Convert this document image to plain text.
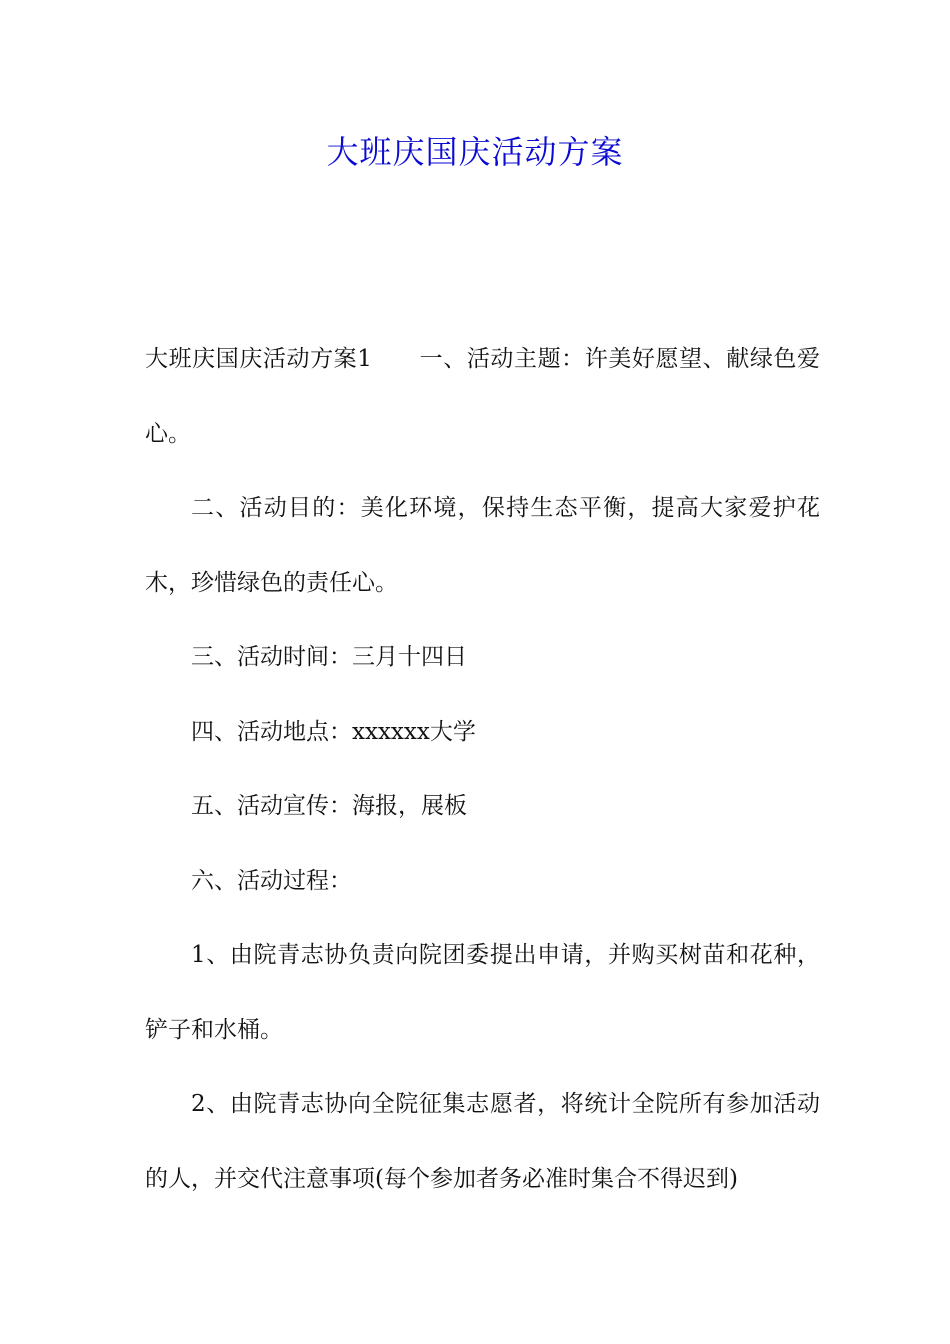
大班庆国庆活动方案

大班庆国庆活动方案1　　一、活动主题：许美好愿望、献绿色爱心。

二、活动目的：美化环境，保持生态平衡，提高大家爱护花木，珍惜绿色的责任心。

三、活动时间：三月十四日

四、活动地点：xxxxxx大学

五、活动宣传：海报，展板

六、活动过程：

1、由院青志协负责向院团委提出申请，并购买树苗和花种，铲子和水桶。

2、由院青志协向全院征集志愿者，将统计全院所有参加活动的人，并交代注意事项(每个参加者务必准时集合不得迟到)
